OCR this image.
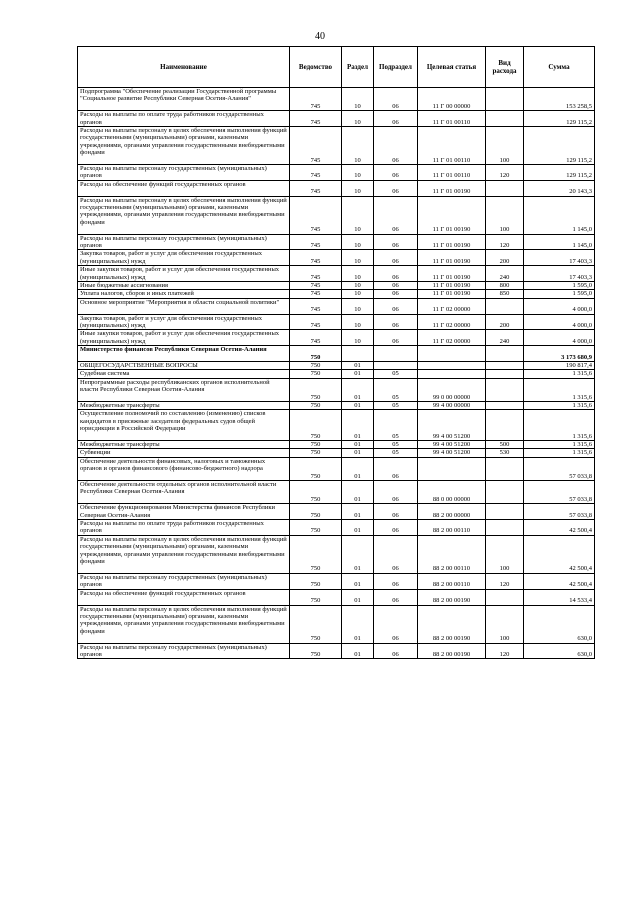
40
Наименование	Ведомство	Раздел	Подраздел	Целевая статья	Вид расхода	Сумма
Подпрограмма "Обеспечение реализации Государственной программы "Социальное развитие Республики Северная Осетия-Алания"	745	10	06	11 Г 00 00000		153 258,5
Расходы на выплаты по оплате труда работников государственных органов	745	10	06	11 Г 01 00110		129 115,2
Расходы на выплаты персоналу в целях обеспечения выполнения функций государственными (муниципальными) органами, казенными учреждениями, органами управления государственными внебюджетными фондами	745	10	06	11 Г 01 00110	100	129 115,2
Расходы на выплаты персоналу государственных (муниципальных) органов	745	10	06	11 Г 01 00110	120	129 115,2
Расходы на обеспечение функций государственных органов	745	10	06	11 Г 01 00190		20 143,3
Расходы на выплаты персоналу в целях обеспечения выполнения функций государственными (муниципальными) органами, казенными учреждениями, органами управления государственными внебюджетными фондами	745	10	06	11 Г 01 00190	100	1 145,0
Расходы на выплаты персоналу государственных (муниципальных) органов	745	10	06	11 Г 01 00190	120	1 145,0
Закупка товаров, работ и услуг для обеспечения государственных (муниципальных) нужд	745	10	06	11 Г 01 00190	200	17 403,3
Иные закупки товаров, работ и услуг для обеспечения государственных (муниципальных) нужд	745	10	06	11 Г 01 00190	240	17 403,3
Иные бюджетные ассигнования	745	10	06	11 Г 01 00190	800	1 595,0
Уплата налогов, сборов и иных платежей	745	10	06	11 Г 01 00190	850	1 595,0
Основное мероприятие "Мероприятия в области социальной политики"	745	10	06	11 Г 02 00000		4 000,0
Закупка товаров, работ и услуг для обеспечения государственных (муниципальных) нужд	745	10	06	11 Г 02 00000	200	4 000,0
Иные закупки товаров, работ и услуг для обеспечения государственных (муниципальных) нужд	745	10	06	11 Г 02 00000	240	4 000,0
Министерство финансов Республики Северная Осетия-Алания	750					3 173 680,9
ОБЩЕГОСУДАРСТВЕННЫЕ ВОПРОСЫ	750	01				190 817,4
Судебная система	750	01	05			1 315,6
Непрограммные расходы республиканских органов исполнительной власти Республики Северная Осетия-Алания	750	01	05	99 0 00 00000		1 315,6
Межбюджетные трансферты	750	01	05	99 4 00 00000		1 315,6
Осуществление полномочий по составлению (изменению) списков кандидатов в присяжные заседатели федеральных судов общей юрисдикции в Российской Федерации	750	01	05	99 4 00 51200		1 315,6
Межбюджетные трансферты	750	01	05	99 4 00 51200	500	1 315,6
Субвенции	750	01	05	99 4 00 51200	530	1 315,6
Обеспечение деятельности финансовых, налоговых и таможенных органов и органов финансового (финансово-бюджетного) надзора	750	01	06			57 033,8
Обеспечение деятельности отдельных органов исполнительной власти Республики Северная Осетия-Алания	750	01	06	88 0 00 00000		57 033,8
Обеспечение функционирования Министерства финансов Республики Северная Осетия-Алания	750	01	06	88 2 00 00000		57 033,8
Расходы на выплаты по оплате труда работников государственных органов	750	01	06	88 2 00 00110		42 500,4
Расходы на выплаты персоналу в целях обеспечения выполнения функций государственными (муниципальными) органами, казенными учреждениями, органами управления государственными внебюджетными фондами	750	01	06	88 2 00 00110	100	42 500,4
Расходы на выплаты персоналу государственных (муниципальных) органов	750	01	06	88 2 00 00110	120	42 500,4
Расходы на обеспечение функций государственных органов	750	01	06	88 2 00 00190		14 533,4
Расходы на выплаты персоналу в целях обеспечения выполнения функций государственными (муниципальными) органами, казенными учреждениями, органами управления государственными внебюджетными фондами	750	01	06	88 2 00 00190	100	630,0
Расходы на выплаты персоналу государственных (муниципальных) органов	750	01	06	88 2 00 00190	120	630,0
